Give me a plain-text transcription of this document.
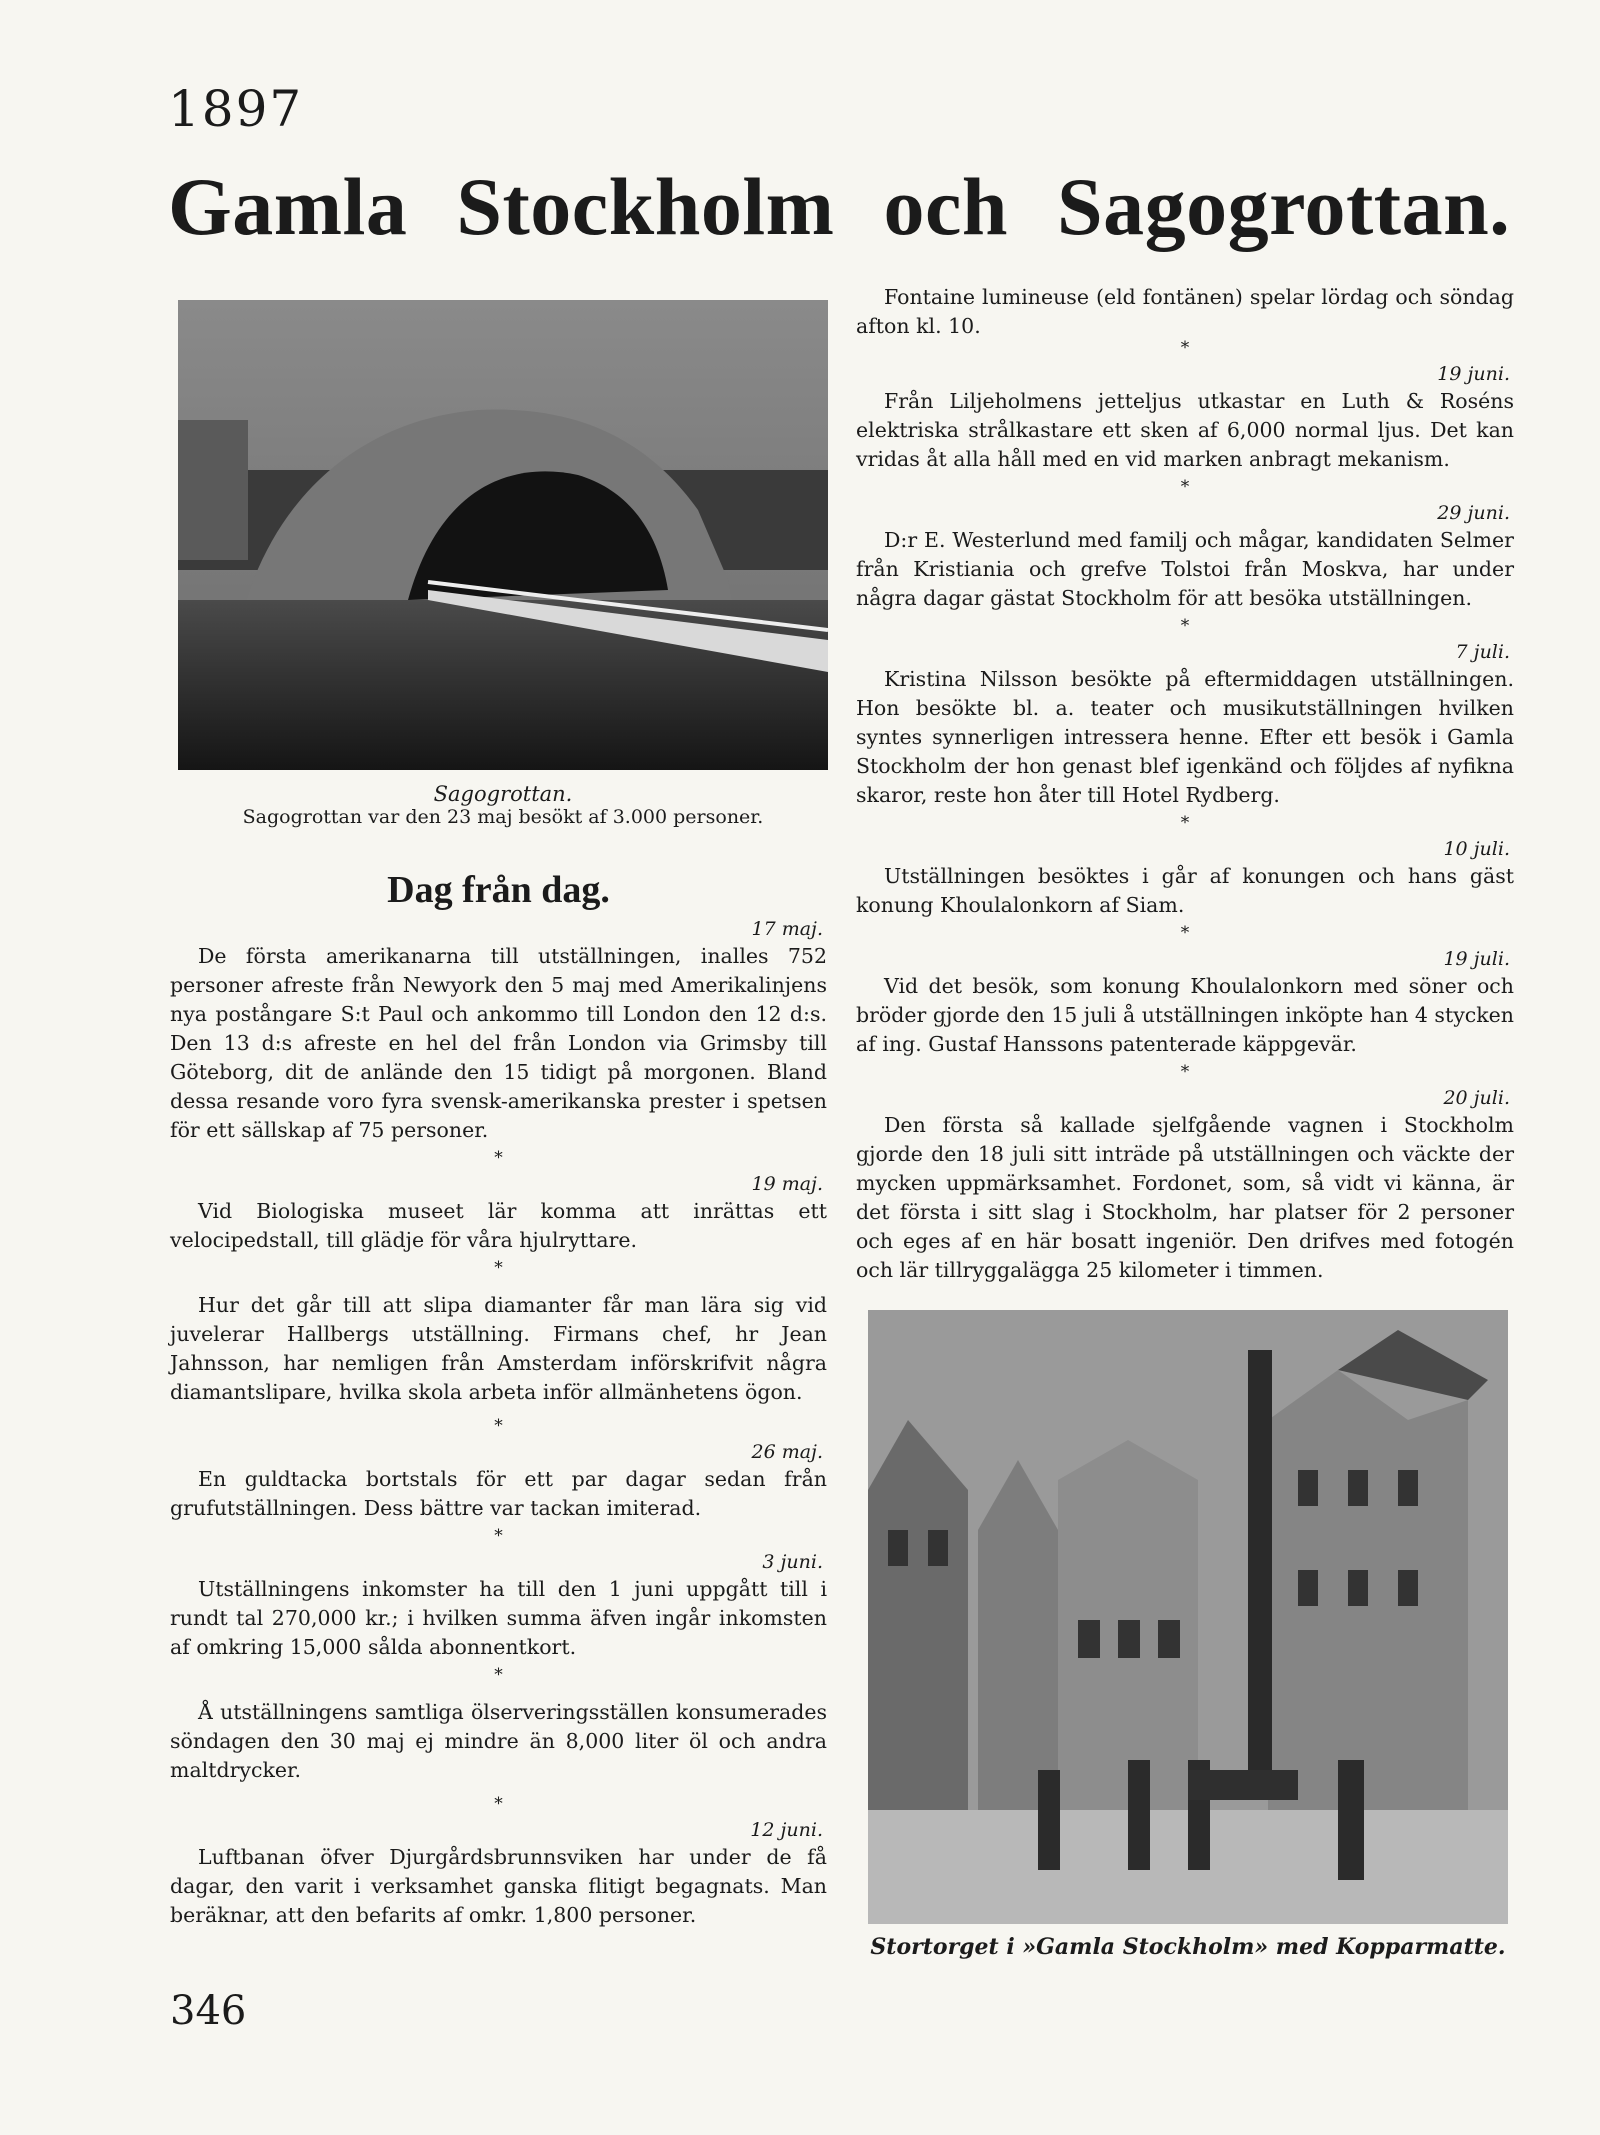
1897
Gamla Stockholm och Sagogrottan.
Sagogrottan.
Sagogrottan var den 23 maj besökt af 3.000 personer.
Dag från dag.
17 maj.

De första amerikanarna till utställningen, inalles 752 personer afreste från Newyork den 5 maj med Amerikalinjens nya postångare S:t Paul och ankommo till London den 12 d:s. Den 13 d:s afreste en hel del från London via Grimsby till Göteborg, dit de anlände den 15 tidigt på morgonen. Bland dessa resande voro fyra svensk-amerikanska prester i spetsen för ett sällskap af 75 personer.

*
19 maj.

Vid Biologiska museet lär komma att inrättas ett velocipedstall, till glädje för våra hjulryttare.

*

Hur det går till att slipa diamanter får man lära sig vid juvelerar Hallbergs utställning. Firmans chef, hr Jean Jahnsson, har nemligen från Amsterdam införskrifvit några diamantslipare, hvilka skola arbeta inför allmänhetens ögon.

*
26 maj.

En guldtacka bortstals för ett par dagar sedan från grufutställningen. Dess bättre var tackan imiterad.

*
3 juni.

Utställningens inkomster ha till den 1 juni uppgått till i rundt tal 270,000 kr.; i hvilken summa äfven ingår inkomsten af omkring 15,000 sålda abonnentkort.

*

Å utställningens samtliga ölserveringsställen konsumerades söndagen den 30 maj ej mindre än 8,000 liter öl och andra maltdrycker.

*
12 juni.

Luftbanan öfver Djurgårdsbrunnsviken har under de få dagar, den varit i verksamhet ganska flitigt begagnats. Man beräknar, att den befarits af omkr. 1,800 personer.

Fontaine lumineuse (eld fontänen) spelar lördag och söndag afton kl. 10.

*
19 juni.

Från Liljeholmens jetteljus utkastar en Luth & Roséns elektriska strålkastare ett sken af 6,000 normal ljus. Det kan vridas åt alla håll med en vid marken anbragt mekanism.

*
29 juni.

D:r E. Westerlund med familj och mågar, kandidaten Selmer från Kristiania och grefve Tolstoi från Moskva, har under några dagar gästat Stockholm för att besöka utställningen.

*
7 juli.

Kristina Nilsson besökte på eftermiddagen utställningen. Hon besökte bl. a. teater och musikutställningen hvilken syntes synnerligen intressera henne. Efter ett besök i Gamla Stockholm der hon genast blef igenkänd och följdes af nyfikna skaror, reste hon åter till Hotel Rydberg.

*
10 juli.

Utställningen besöktes i går af konungen och hans gäst konung Khoulalonkorn af Siam.

*
19 juli.

Vid det besök, som konung Khoulalonkorn med söner och bröder gjorde den 15 juli å utställningen inköpte han 4 stycken af ing. Gustaf Hanssons patenterade käppgevär.

*
20 juli.

Den första så kallade sjelfgående vagnen i Stockholm gjorde den 18 juli sitt inträde på utställningen och väckte der mycken uppmärksamhet. Fordonet, som, så vidt vi känna, är det första i sitt slag i Stockholm, har platser för 2 personer och eges af en här bosatt ingeniör. Den drifves med fotogén och lär tillryggalägga 25 kilometer i timmen.

Stortorget i »Gamla Stockholm» med Kopparmatte.
346
